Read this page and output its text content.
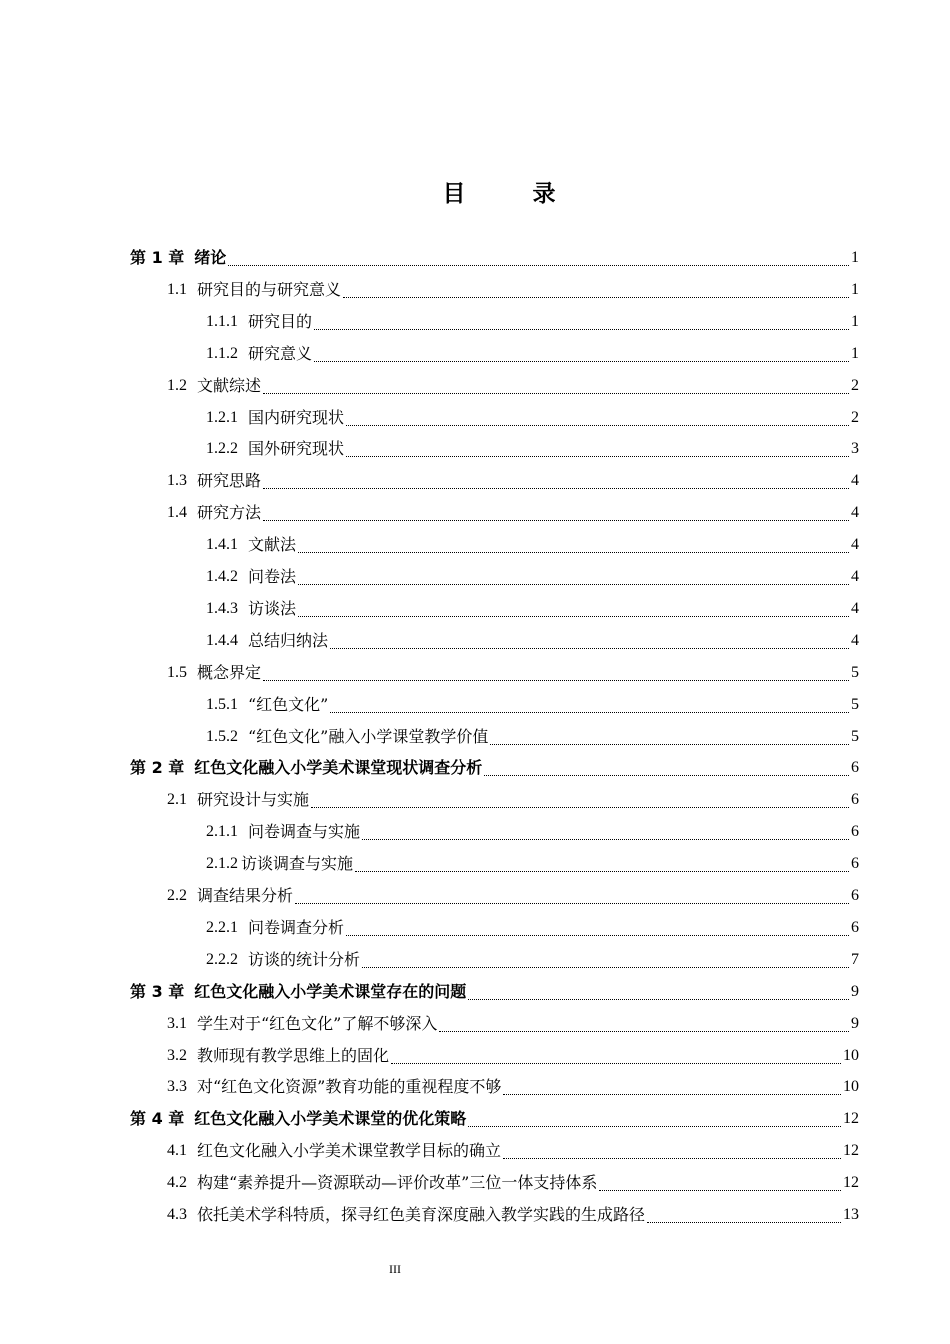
目　录
第 1 章 绪论	1
1.1 研究目的与研究意义	1
1.1.1 研究目的	1
1.1.2 研究意义	1
1.2 文献综述	2
1.2.1 国内研究现状	2
1.2.2 国外研究现状	3
1.3 研究思路	4
1.4 研究方法	4
1.4.1 文献法	4
1.4.2 问卷法	4
1.4.3 访谈法	4
1.4.4 总结归纳法	4
1.5 概念界定	5
1.5.1 “红色文化”	5
1.5.2 “红色文化”融入小学课堂教学价值	5
第 2 章 红色文化融入小学美术课堂现状调查分析	6
2.1 研究设计与实施	6
2.1.1 问卷调查与实施	6
2.1.2 访谈调查与实施	6
2.2 调查结果分析	6
2.2.1 问卷调查分析	6
2.2.2 访谈的统计分析	7
第 3 章 红色文化融入小学美术课堂存在的问题	9
3.1 学生对于“红色文化”了解不够深入	9
3.2 教师现有教学思维上的固化	10
3.3 对“红色文化资源”教育功能的重视程度不够	10
第 4 章 红色文化融入小学美术课堂的优化策略	12
4.1 红色文化融入小学美术课堂教学目标的确立	12
4.2 构建“素养提升—资源联动—评价改革”三位一体支持体系	12
4.3 依托美术学科特质，探寻红色美育深度融入教学实践的生成路径	13
III
